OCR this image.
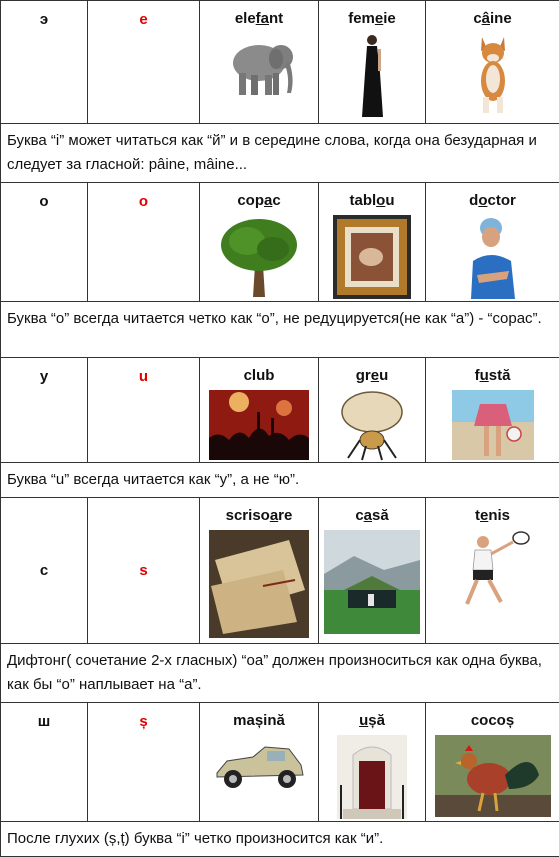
э	e	elefant	femeie	câine

Буква “i” может читаться как “й” и в середине слова, когда она безударная и следует за гласной: pâine, mâine...				
о	o	copac	tablou	doctor

Буква “о” всегда читается четко как “о”, не редуцируется(не как “а”) - “copac”.				
у	u	club	greu	fustă

Буква “u” всегда читается как “у”, а не “ю”.				
с	s	scrisoare	casă	tenis

Дифтонг( сочетание 2-х гласных) “oa” должен произноситься как одна буква, как бы “о” наплывает на “а”.				
ш	ș	mașină	ușă	cocoș

После глухих (ș,ț) буква “i” четко произносится как “и”.				
